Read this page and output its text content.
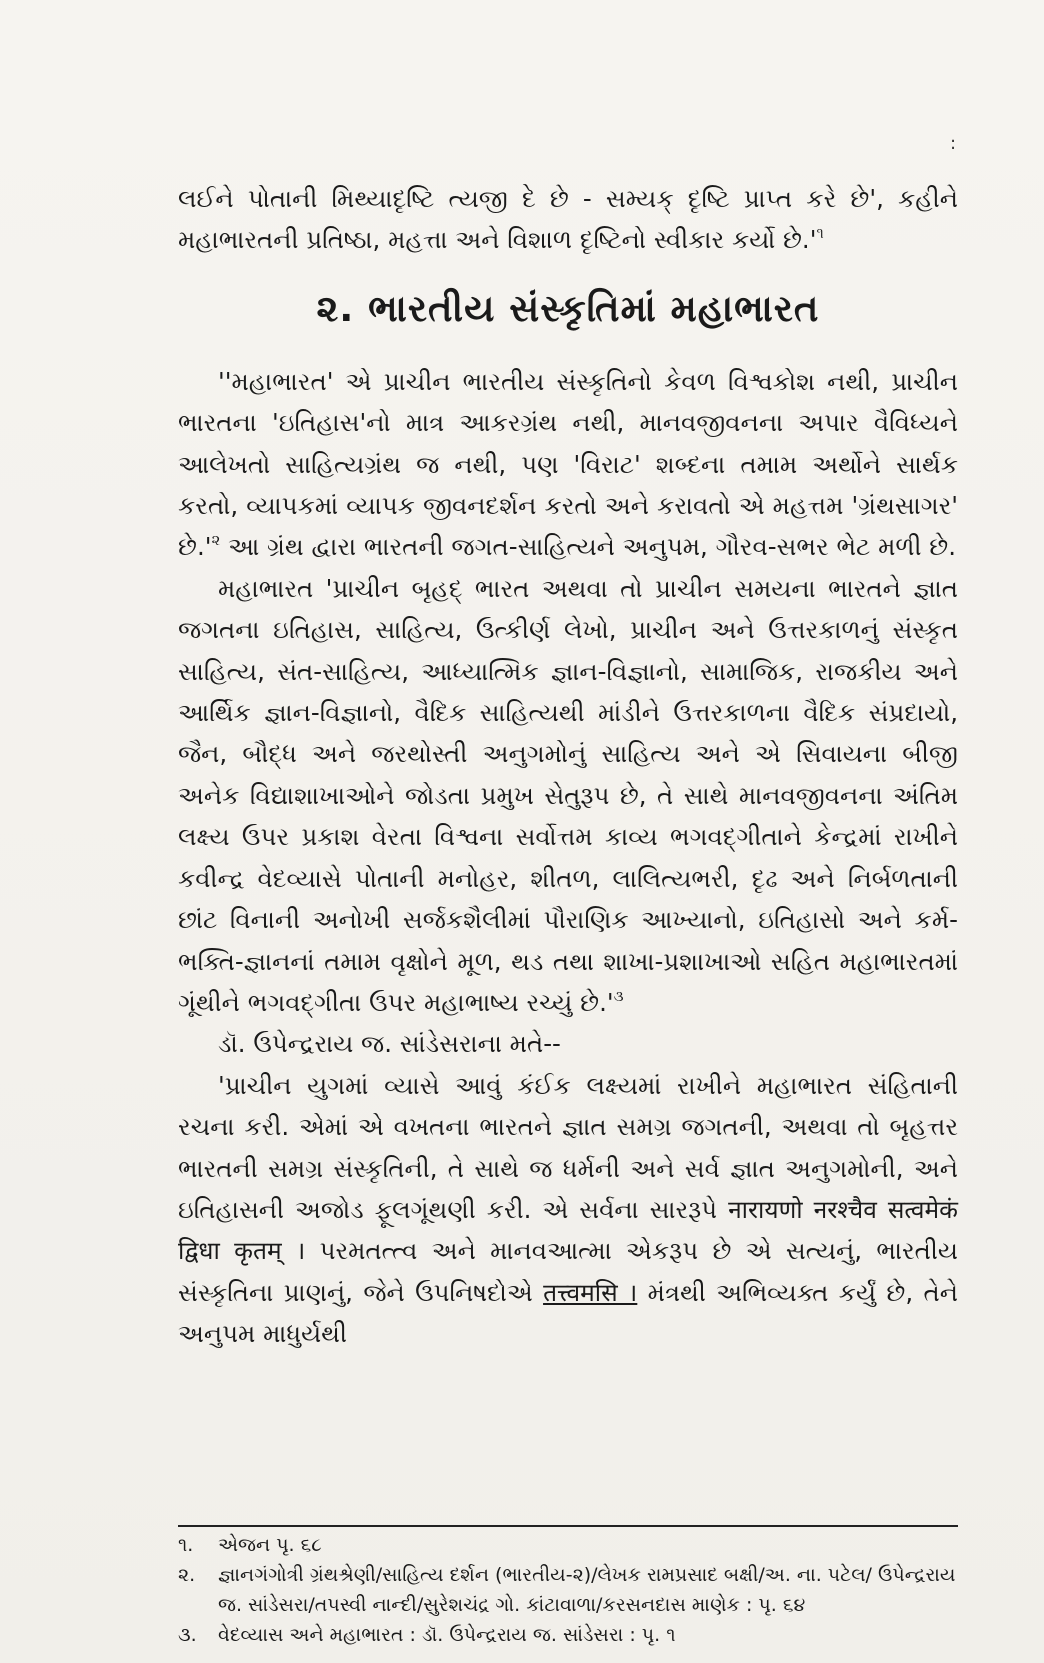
:

લઈને પોતાની મિથ્યાદૃષ્ટિ ત્યજી દે છે - સમ્યક્ દૃષ્ટિ પ્રાપ્ત કરે છે', કહીને મહાભારતની પ્રતિષ્ઠા, મહત્તા અને વિશાળ દૃષ્ટિનો સ્વીકાર કર્યો $છે.'^૧$

૨. ભારતીય સંસ્કૃતિમાં મહાભારત

''મહાભારત' એ પ્રાચીન ભારતીય સંસ્કૃતિનો કેવળ વિશ્વકોશ નથી, પ્રાચીન ભારતના 'ઇતિહાસ'નો માત્ર આકરગ્રંથ નથી, માનવજીવનના અપાર વૈવિધ્યને આલેખતો સાહિત્યગ્રંથ જ નથી, પણ 'વિરાટ' શબ્દના તમામ અર્થોને સાર્થક કરતો, વ્યાપકમાં વ્યાપક જીવનદર્શન કરતો અને કરાવતો એ મહત્તમ 'ગ્રંથસાગર' $છે.'^૨$ આ ગ્રંથ દ્વારા ભારતની જગત-સાહિત્યને અનુપમ, ગૌરવ-સભર ભેટ મળી છે.

મહાભારત 'પ્રાચીન બૃહદ્ ભારત અથવા તો પ્રાચીન સમયના ભારતને જ્ઞાત જગતના ઇતિહાસ, સાહિત્ય, ઉત્કીર્ણ લેખો, પ્રાચીન અને ઉત્તરકાળનું સંસ્કૃત સાહિત્ય, સંત-સાહિત્ય, આધ્યાત્મિક જ્ઞાન-વિજ્ઞાનો, સામાજિક, રાજકીય અને આર્થિક જ્ઞાન-વિજ્ઞાનો, વૈદિક સાહિત્યથી માંડીને ઉત્તરકાળના વૈદિક સંપ્રદાયો, જૈન, બૌદ્ધ અને જરથોસ્તી અનુગમોનું સાહિત્ય અને એ સિવાયના બીજી અનેક વિદ્યાશાખાઓને જોડતા પ્રમુખ સેતુરૂપ છે, તે સાથે માનવજીવનના અંતિમ લક્ષ્ય ઉપર પ્રકાશ વેરતા વિશ્વના સર્વોત્તમ કાવ્ય ભગવદ્ગીતાને કેન્દ્રમાં રાખીને કવીન્દ્ર વેદવ્યાસે પોતાની મનોહર, શીતળ, લાલિત્યભરી, દૃઢ અને નિર્બળતાની છાંટ વિનાની અનોખી સર્જકશૈલીમાં પૌરાણિક આખ્યાનો, ઇતિહાસો અને કર્મ-ભક્તિ-જ્ઞાનનાં તમામ વૃક્ષોને મૂળ, થડ તથા શાખા-પ્રશાખાઓ સહિત મહાભારતમાં ગૂંથીને ભગવદ્ગીતા ઉપર મહાભાષ્ય રચ્યું $છે.'^૩$

ડૉ. ઉપેન્દ્રરાય જ. સાંડેસરાના મતે--

'પ્રાચીન યુગમાં વ્યાસે આવું કંઈક લક્ષ્યમાં રાખીને મહાભારત સંહિતાની રચના કરી. એમાં એ વખતના ભારતને જ્ઞાત સમગ્ર જગતની, અથવા તો બૃહત્તર ભારતની સમગ્ર સંસ્કૃતિની, તે સાથે જ ધર્મની અને સર્વ જ્ઞાત અનુગમોની, અને ઇતિહાસની અજોડ ફૂલગૂંથણી કરી. એ સર્વના સારરૂપે नारायणो नरश्चैव सत्वमेकं द्विधा कृतम् । પરમતત્ત્વ અને માનવઆત્મા એકરૂપ છે એ સત્યનું, ભારતીય સંસ્કૃતિના પ્રાણનું, જેને ઉપનિષદોએ तत्त्वमसि । મંત્રથી અભિવ્યક્ત કર્યું છે, તેને અનુપમ માધુર્યથી

૧.	એજન પૃ. ૬૮
૨.	જ્ઞાનગંગોત્રી ગ્રંથશ્રેણી/સાહિત્ય દર્શન (ભારતીય-૨)/લેખક રામપ્રસાદ બક્ષી/અ. ના. પટેલ/ ઉપેન્દ્રરાય જ. સાંડેસરા/તપસ્વી નાન્દી/સુરેશચંદ્ર ગો. કાંટાવાળા/કરસનદાસ માણેક : પૃ. ૬૪
૩.	વેદવ્યાસ અને મહાભારત : ડૉ. ઉપેન્દ્રરાય જ. સાંડેસરા : પૃ. ૧
